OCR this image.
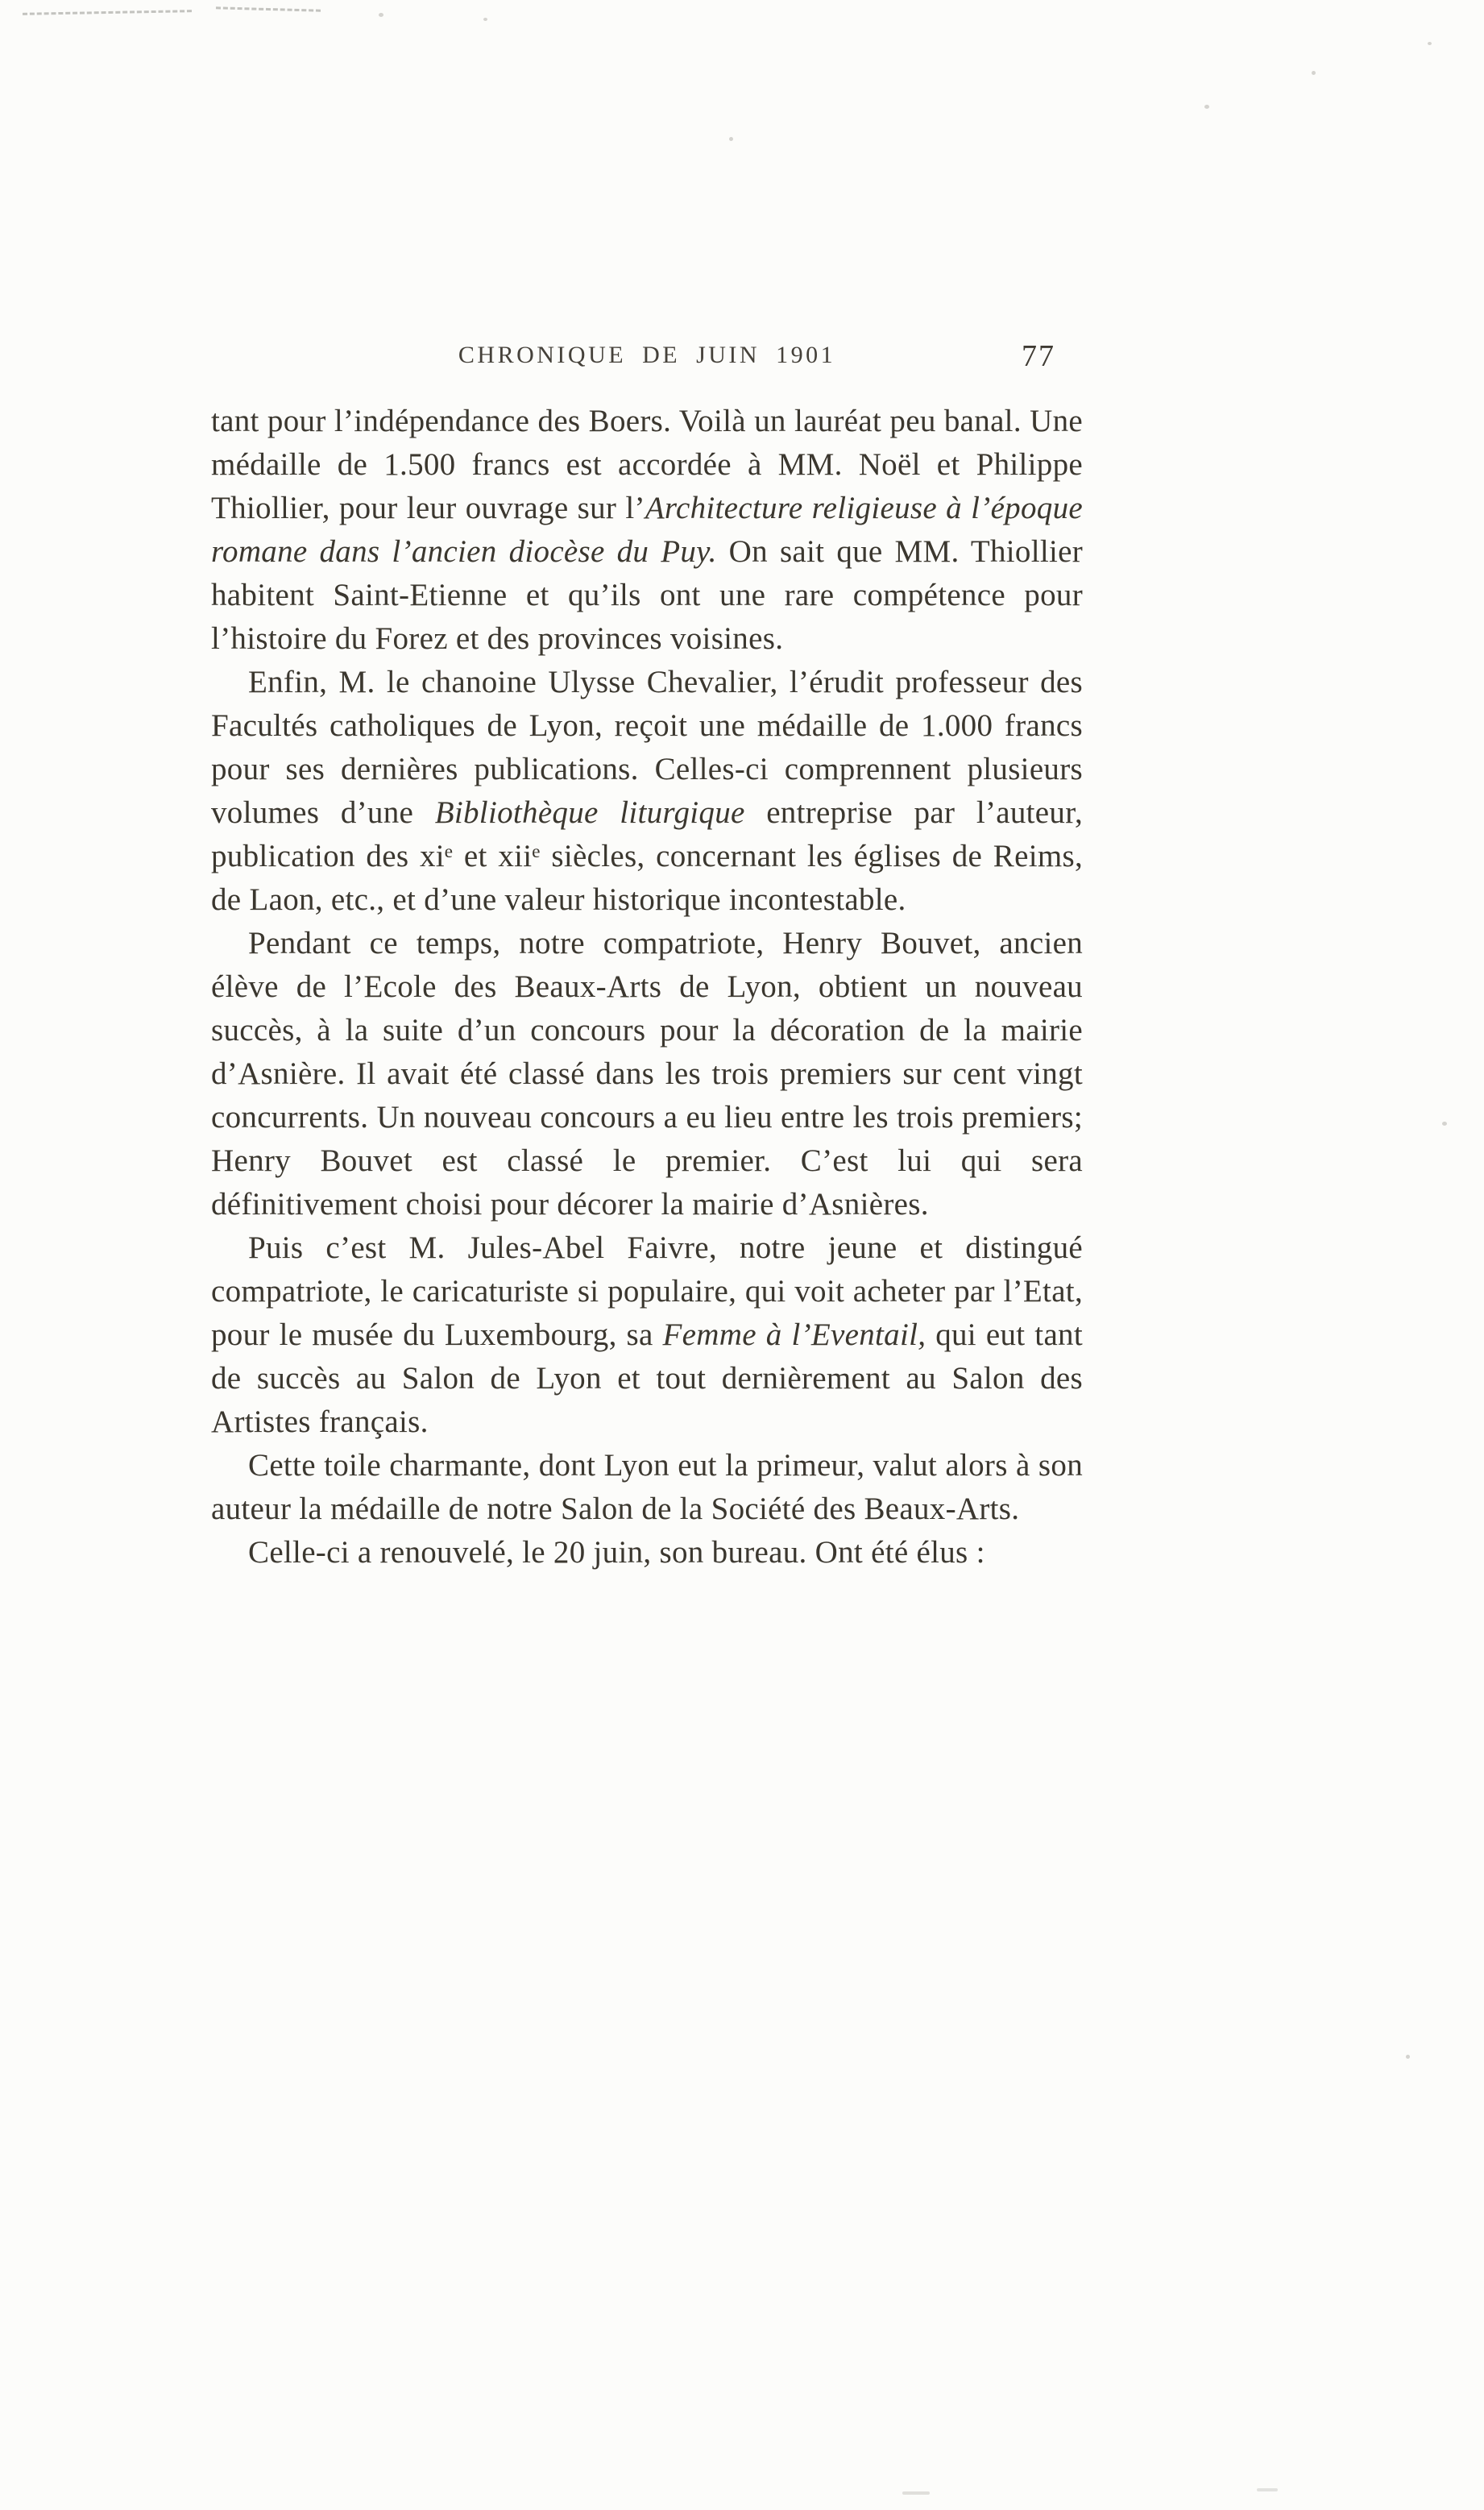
CHRONIQUE DE JUIN 1901	77

tant pour l’indépendance des Boers. Voilà un lauréat peu banal. Une médaille de 1.500 francs est accordée à MM. Noël et Philippe Thiollier, pour leur ouvrage sur l’Architecture religieuse à l’époque romane dans l’ancien diocèse du Puy. On sait que MM. Thiollier habitent Saint-Etienne et qu’ils ont une rare compétence pour l’histoire du Forez et des provinces voisines.

Enfin, M. le chanoine Ulysse Chevalier, l’érudit professeur des Facultés catholiques de Lyon, reçoit une médaille de 1.000 francs pour ses dernières publications. Celles-ci comprennent plusieurs volumes d’une Bibliothèque liturgique entreprise par l’auteur, publication des xiᵉ et xiiᵉ siècles, concernant les églises de Reims, de Laon, etc., et d’une valeur historique incontestable.

Pendant ce temps, notre compatriote, Henry Bouvet, ancien élève de l’Ecole des Beaux-Arts de Lyon, obtient un nouveau succès, à la suite d’un concours pour la décoration de la mairie d’Asnière. Il avait été classé dans les trois premiers sur cent vingt concurrents. Un nouveau concours a eu lieu entre les trois premiers; Henry Bouvet est classé le premier. C’est lui qui sera définitivement choisi pour décorer la mairie d’Asnières.

Puis c’est M. Jules-Abel Faivre, notre jeune et distingué compatriote, le caricaturiste si populaire, qui voit acheter par l’Etat, pour le musée du Luxembourg, sa Femme à l’Eventail, qui eut tant de succès au Salon de Lyon et tout dernièrement au Salon des Artistes français.

Cette toile charmante, dont Lyon eut la primeur, valut alors à son auteur la médaille de notre Salon de la Société des Beaux-Arts.

Celle-ci a renouvelé, le 20 juin, son bureau. Ont été élus :
